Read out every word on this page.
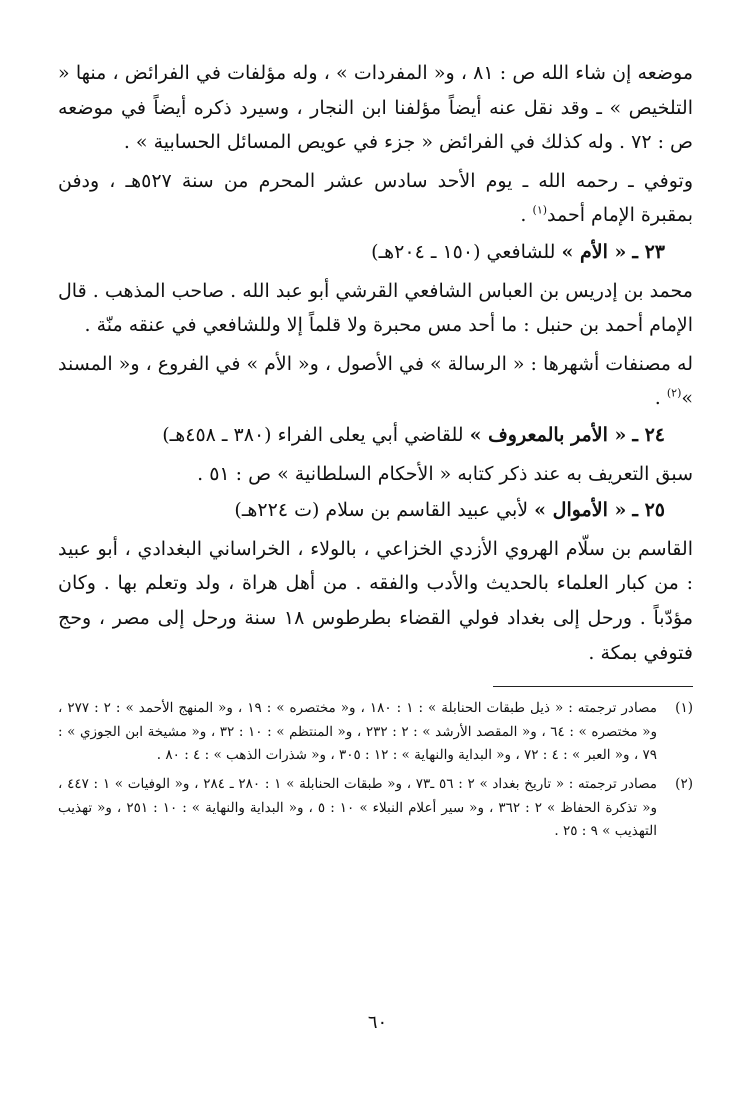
موضعه إن شاء الله ص : ٨١ ، و« المفردات » ، وله مؤلفات في الفرائض ، منها « التلخيص » ـ وقد نقل عنه أيضاً مؤلفنا ابن النجار ، وسيرد ذكره أيضاً في موضعه ص : ٧٢ . وله كذلك في الفرائض « جزء في عويص المسائل الحسابية » .

وتوفي ـ رحمه الله ـ يوم الأحد سادس عشر المحرم من سنة ٥٢٧هـ ، ودفن بمقبرة الإمام أحمد$^{(١)}$ .

٢٣ ـ « الأم » للشافعي (١٥٠ ـ ٢٠٤هـ)

محمد بن إدريس بن العباس الشافعي القرشي أبو عبد الله . صاحب المذهب . قال الإمام أحمد بن حنبل : ما أحد مس محبرة ولا قلماً إلا وللشافعي في عنقه منّة .

له مصنفات أشهرها : « الرسالة » في الأصول ، و« الأم » في الفروع ، و« المسند »$^{(٢)}$ .

٢٤ ـ « الأمر بالمعروف » للقاضي أبي يعلى الفراء (٣٨٠ ـ ٤٥٨هـ)

سبق التعريف به عند ذكر كتابه « الأحكام السلطانية » ص : ٥١ .

٢٥ ـ « الأموال » لأبي عبيد القاسم بن سلام (ت ٢٢٤هـ)

القاسم بن سلّام الهروي الأزدي الخزاعي ، بالولاء ، الخراساني البغدادي ، أبو عبيد : من كبار العلماء بالحديث والأدب والفقه . من أهل هراة ، ولد وتعلم بها . وكان مؤدّباً . ورحل إلى بغداد فولي القضاء بطرطوس ١٨ سنة ورحل إلى مصر ، وحج فتوفي بمكة .

(١)
مصادر ترجمته : « ذيل طبقات الحنابلة » : ١ : ١٨٠ ، و« مختصره » : ١٩ ، و« المنهج الأحمد » : ٢ : ٢٧٧ ، و« مختصره » : ٦٤ ، و« المقصد الأرشد » : ٢ : ٢٣٢ ، و« المنتظم » : ١٠ : ٣٢ ، و« مشيخة ابن الجوزي » : ٧٩ ، و« العبر » : ٤ : ٧٢ ، و« البداية والنهاية » : ١٢ : ٣٠٥ ، و« شذرات الذهب » : ٤ : ٨٠ .
(٢)
مصادر ترجمته : « تاريخ بغداد » ٢ : ٥٦ ـ٧٣ ، و« طبقات الحنابلة » ١ : ٢٨٠ ـ ٢٨٤ ، و« الوفيات » ١ : ٤٤٧ ، و« تذكرة الحفاظ » ٢ : ٣٦٢ ، و« سير أعلام النبلاء » ١٠ : ٥ ، و« البداية والنهاية » : ١٠ : ٢٥١ ، و« تهذيب التهذيب » ٩ : ٢٥ .
٦٠
